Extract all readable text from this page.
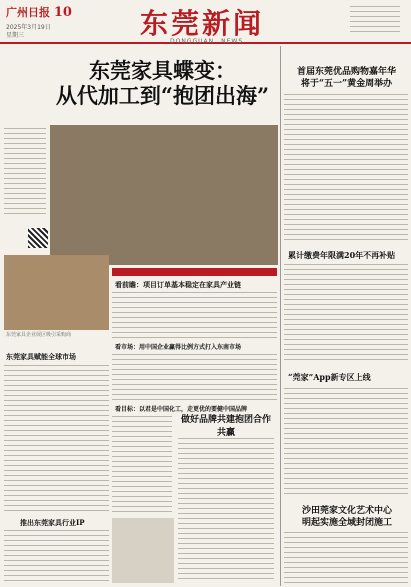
广州日报 10
2025年3月19日
星期三	东莞新闻
DONGGUAN　NEWS
东莞家具蝶变：
从代加工到“抱团出海”
东莞家具企业展区吸引采购商
东莞家具赋能全球市场
推出东莞家具行业IP
看前瞻：项目订单基本稳定在家具产业链
看市场：用中国企业赢得比例方式打入东南市场
看目标：以君是中国化工，走更优的要健中国品牌
做好品牌共建抱团合作共赢
首届东莞优品购物嘉年华
将于“五一”黄金周举办
累计缴费年限满20年不再补贴
“莞家”App新专区上线
沙田莞家文化艺术中心
明起实施全域封闭施工
